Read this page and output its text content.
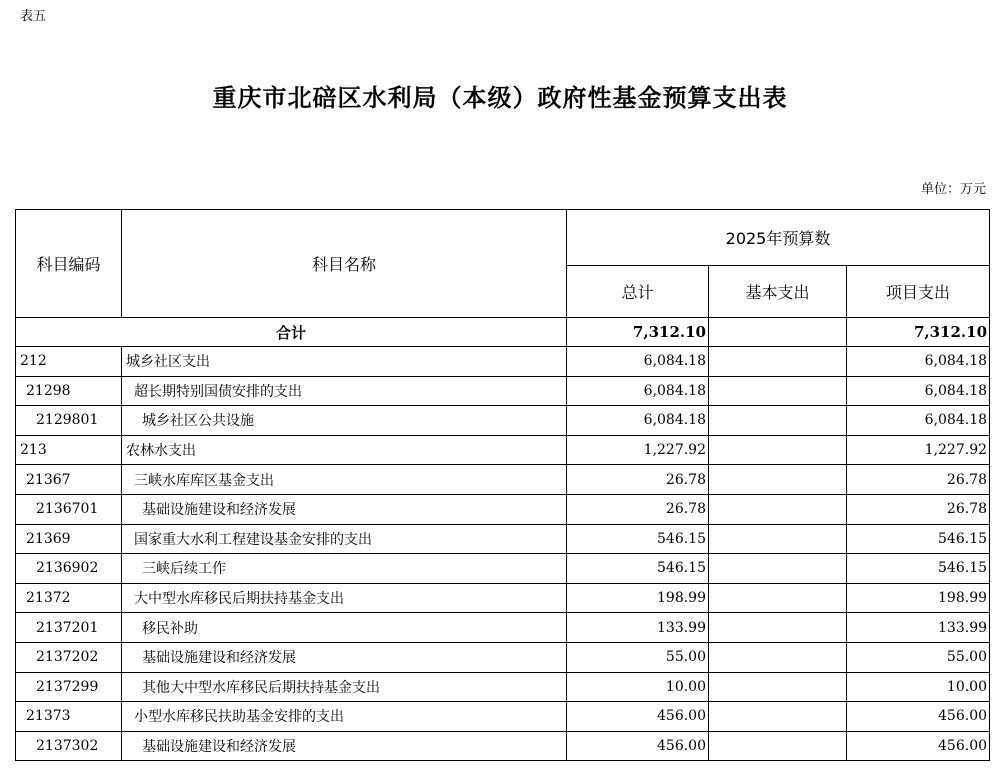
表五
重庆市北碚区水利局（本级）政府性基金预算支出表
单位：万元
科目编码	科目名称	2025年预算数		
		总计	基本支出	项目支出
合计		7,312.10		7,312.10
212	城乡社区支出	6,084.18		6,084.18
21298	超长期特别国债安排的支出	6,084.18		6,084.18
2129801	城乡社区公共设施	6,084.18		6,084.18
213	农林水支出	1,227.92		1,227.92
21367	三峡水库库区基金支出	26.78		26.78
2136701	基础设施建设和经济发展	26.78		26.78
21369	国家重大水利工程建设基金安排的支出	546.15		546.15
2136902	三峡后续工作	546.15		546.15
21372	大中型水库移民后期扶持基金支出	198.99		198.99
2137201	移民补助	133.99		133.99
2137202	基础设施建设和经济发展	55.00		55.00
2137299	其他大中型水库移民后期扶持基金支出	10.00		10.00
21373	小型水库移民扶助基金安排的支出	456.00		456.00
2137302	基础设施建设和经济发展	456.00		456.00
